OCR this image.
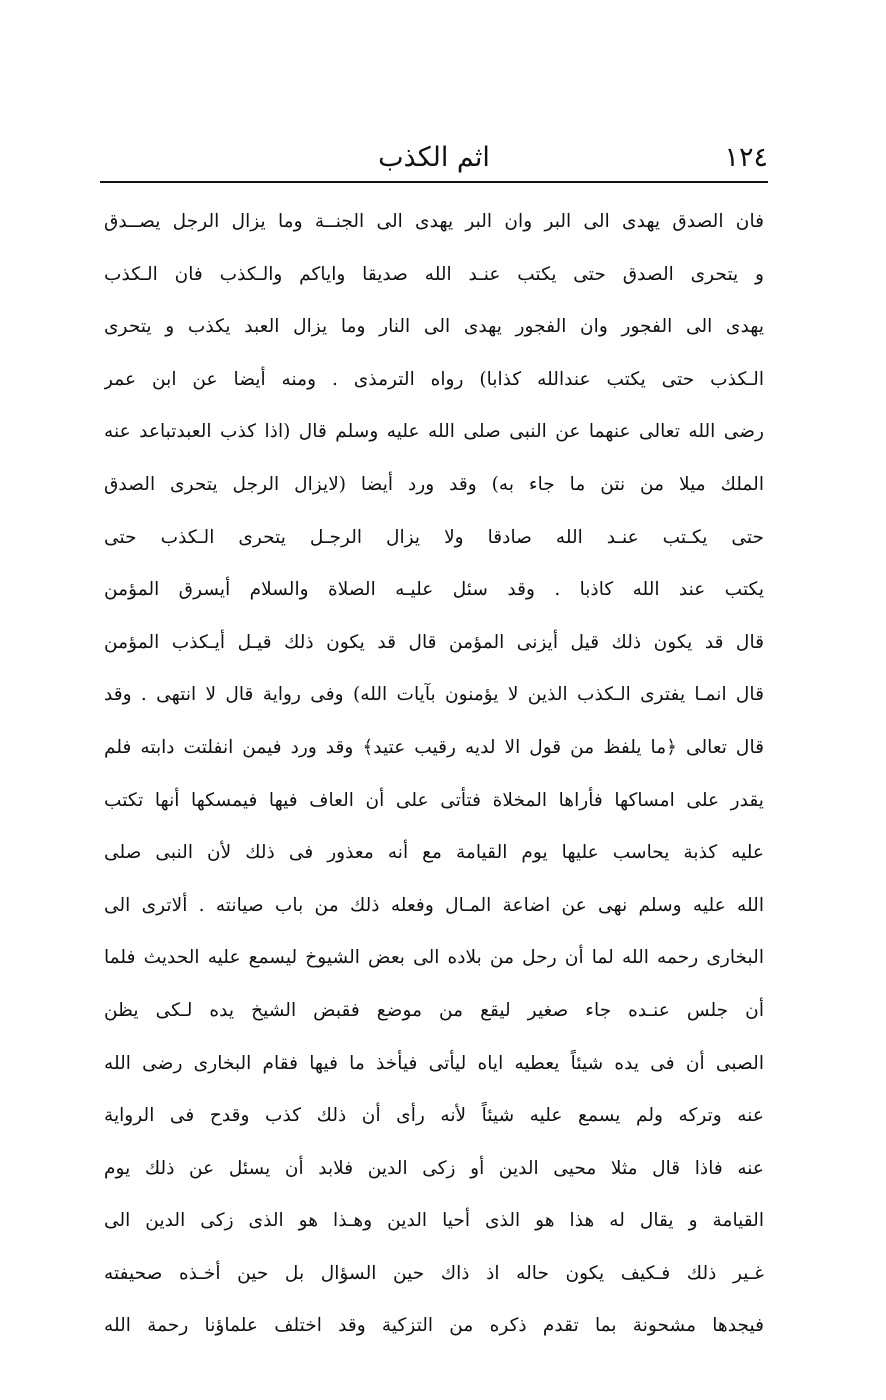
١٢٤
اثم الكذب
فان الصدق يهدى الى البر وان البر يهدى الى الجنــة وما يزال الرجل يصــدق
و يتحرى الصدق حتى يكتب عنـد الله صديقا واياكم والـكذب فان الـكذب
يهدى الى الفجور وان الفجور يهدى الى النار وما يزال العبد يكذب و يتحرى
الـكذب حتى يكتب عندالله كذابا) رواه الترمذى . ومنه أيضا عن ابن عمر
رضى الله تعالى عنهما عن النبى صلى الله عليه وسلم قال (اذا كذب العبدتباعد عنه
الملك ميلا من نتن ما جاء به) وقد ورد أيضا (لايزال الرجل يتحرى الصدق
حتى يكـتب عنـد الله صادقا ولا يزال الرجـل يتحرى الـكذب حتى
يكتب عند الله كاذبا . وقد سئل عليـه الصلاة والسلام أيسرق المؤمن
قال قد يكون ذلك قيل أيزنى المؤمن قال قد يكون ذلك قيـل أيـكذب المؤمن
قال انمـا يفترى الـكذب الذين لا يؤمنون بآيات الله) وفى رواية قال لا انتهى . وقد
قال تعالى ﴿ما يلفظ من قول الا لديه رقيب عتيد﴾ وقد ورد فيمن انفلتت دابته فلم
يقدر على امساكها فأراها المخلاة فتأتى على أن العاف فيها فيمسكها أنها تكتب
عليه كذبة يحاسب عليها يوم القيامة مع أنه معذور فى ذلك لأن النبى صلى
الله عليه وسلم نهى عن اضاعة المـال وفعله ذلك من باب صيانته . ألاترى الى
البخارى رحمه الله لما أن رحل من بلاده الى بعض الشيوخ ليسمع عليه الحديث فلما
أن جلس عنـده جاء صغير ليقع من موضع فقبض الشيخ يده لـكى يظن
الصبى أن فى يده شيئاً يعطيه اياه ليأتى فيأخذ ما فيها فقام البخارى رضى الله
عنه وتركه ولم يسمع عليه شيئاً لأنه رأى أن ذلك كذب وقدح فى الرواية
عنه فاذا قال مثلا محيى الدين أو زكى الدين فلابد أن يسئل عن ذلك يوم
القيامة و يقال له هذا هو الذى أحيا الدين وهـذا هو الذى زكى الدين الى
غـير ذلك فـكيف يكون حاله اذ ذاك حين السؤال بل حين أخـذه صحيفته
فيجدها مشحونة بما تقدم ذكره من التزكية وقد اختلف علماؤنا رحمة الله
